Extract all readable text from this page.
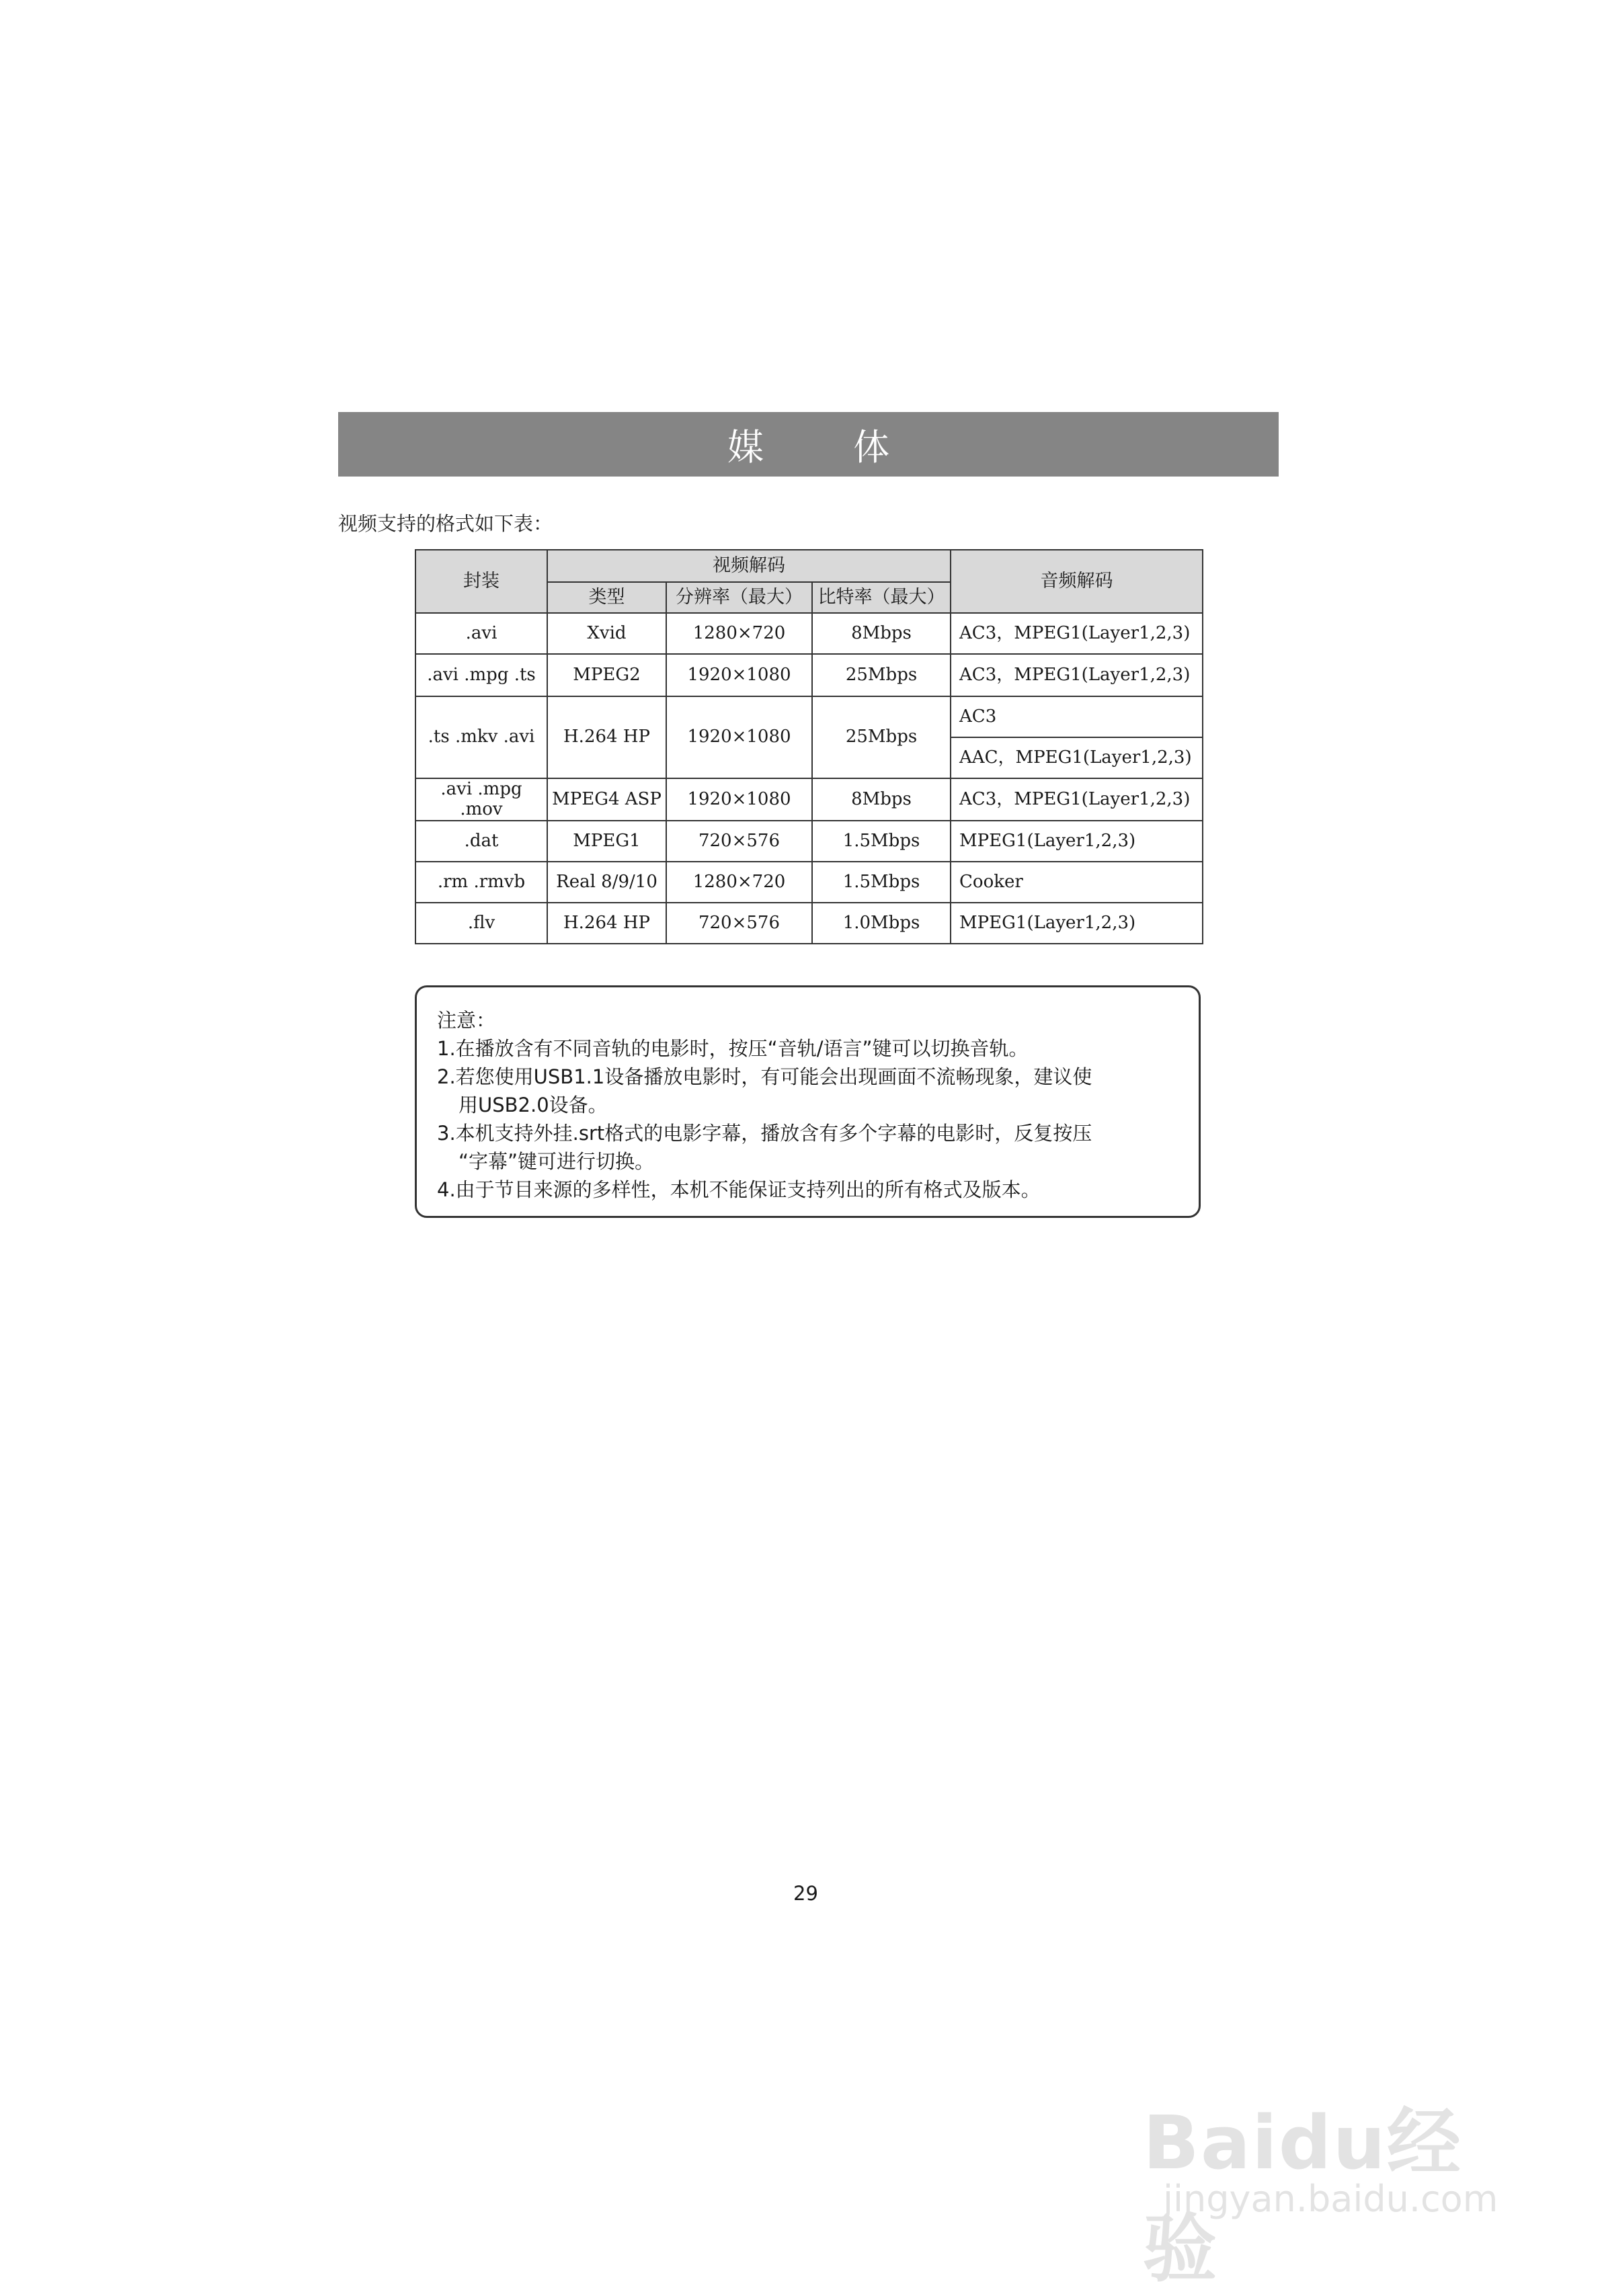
媒 体
视频支持的格式如下表：
封装	视频解码			音频解码
	类型	分辨率（最大）	比特率（最大）	
.avi	Xvid	1280×720	8Mbps	AC3，MPEG1(Layer1,2,3)
.avi .mpg .ts	MPEG2	1920×1080	25Mbps	AC3，MPEG1(Layer1,2,3)
.ts .mkv .avi	H.264 HP	1920×1080	25Mbps	AC3
				AAC，MPEG1(Layer1,2,3)
.avi .mpg .mov	MPEG4 ASP	1920×1080	8Mbps	AC3，MPEG1(Layer1,2,3)
.dat	MPEG1	720×576	1.5Mbps	MPEG1(Layer1,2,3)
.rm .rmvb	Real 8/9/10	1280×720	1.5Mbps	Cooker
.flv	H.264 HP	720×576	1.0Mbps	MPEG1(Layer1,2,3)
注意：
1.在播放含有不同音轨的电影时，按压“音轨/语言”键可以切换音轨。
2.若您使用USB1.1设备播放电影时，有可能会出现画面不流畅现象，建议使
用USB2.0设备。
3.本机支持外挂.srt格式的电影字幕，播放含有多个字幕的电影时，反复按压
“字幕”键可进行切换。
4.由于节目来源的多样性，本机不能保证支持列出的所有格式及版本。
29
Baidu经验
jingyan.baidu.com
